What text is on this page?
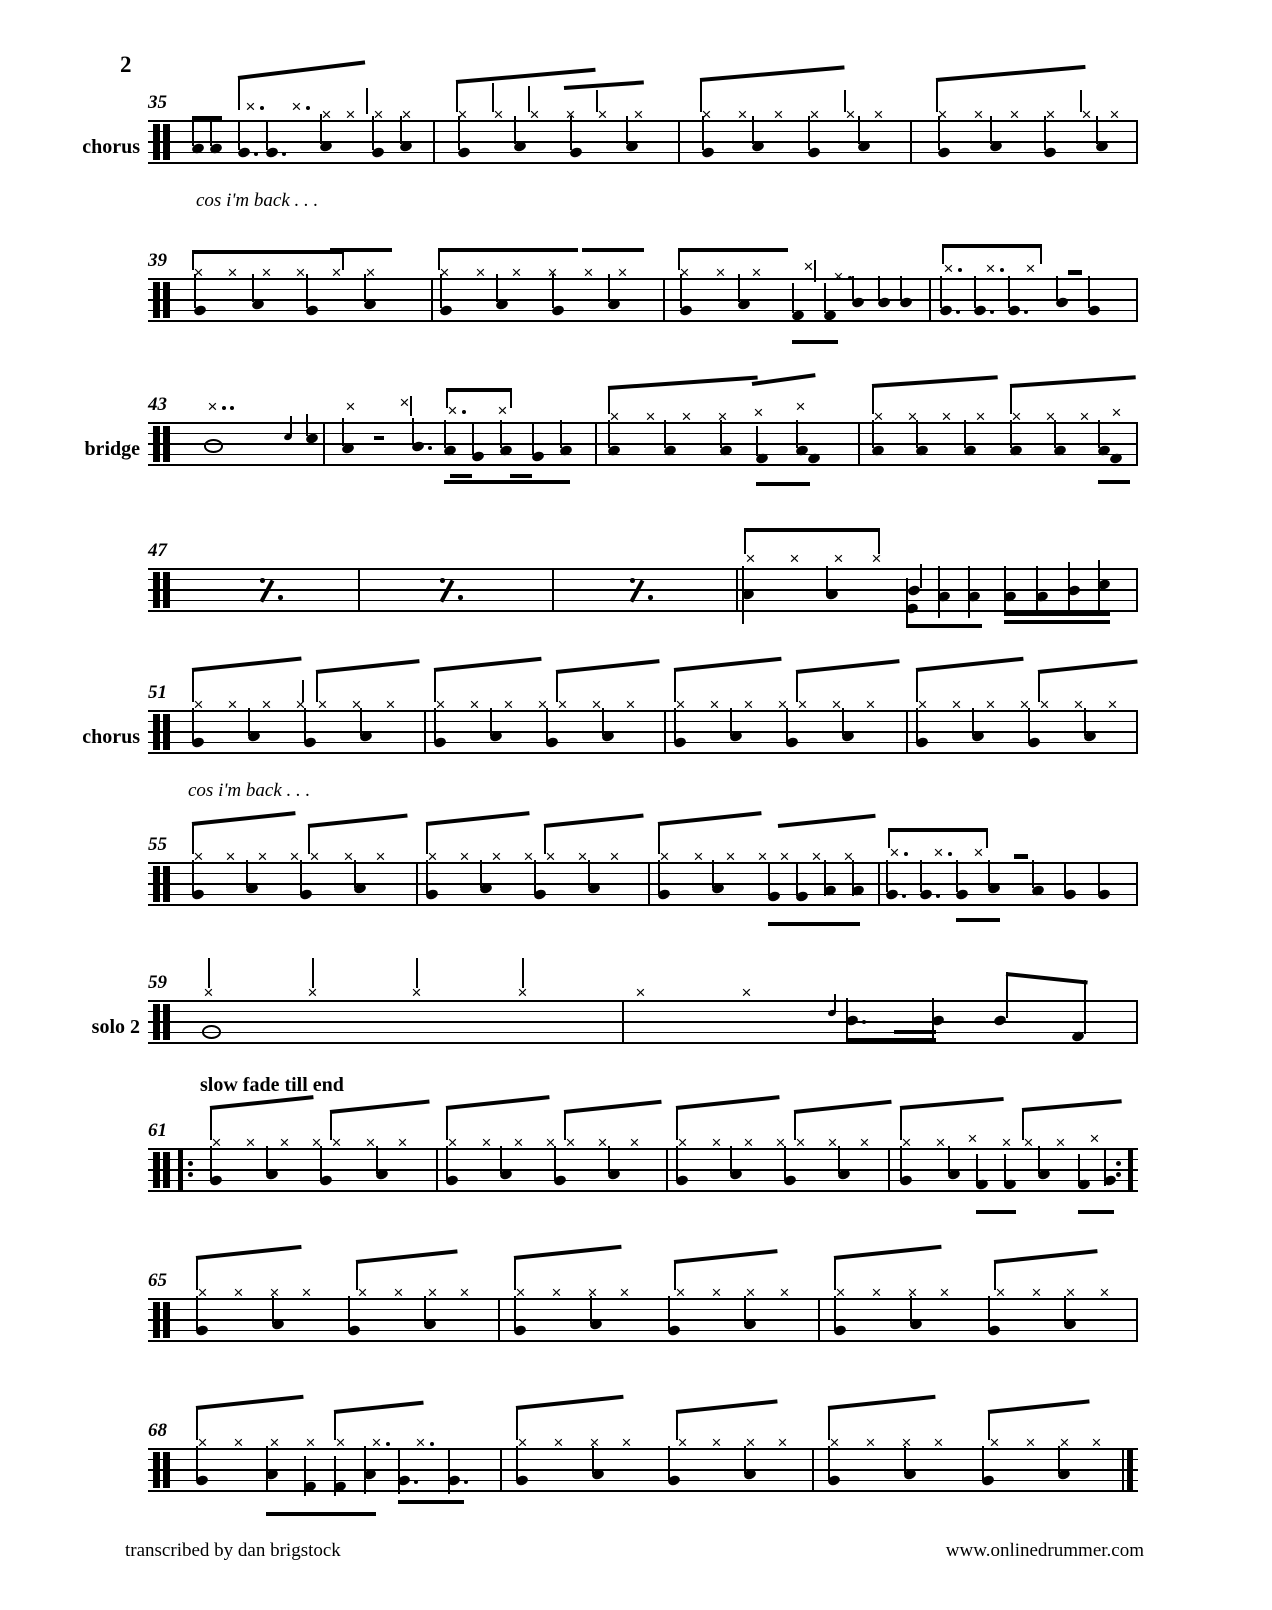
2
35
chorus
×
×
×
×
×
×
×
×
×
×
×
×
×
×
×
×
×
×
×
×
×
×
×
×
cos i'm back . . .
39
×
×
×
×
×
×
×
×
×
×
×
×
×
×
×
×
×
×
×
×
43
bridge
×
×
×
×
×
×
×
×
×
×
×
×
×
×
×
×
×
×
×
47
×
×
×
×
51
chorus
×
×
×
×
×
×
×
×
×
×
×
×
×
×
×
×
×
×
×
×
×
×
×
×
×
×
×
×
cos i'm back . . .
55
×
×
×
×
×
×
×
×
×
×
×
×
×
×
×
×
×
×
×
×
×
×
×
×
59
solo 2
×
×
×
×
×
×
61
slow fade till end
×
×
×
×
×
×
×
×
×
×
×
×
×
×
×
×
×
×
×
×
×
×
×
×
×
×
×
×
65
×
×
×
×
×
×
×
×
×
×
×
×
×
×
×
×
×
×
×
×
×
×
×
×
68
×
×
×
×
×
×
×
×
×
×
×
×
×
×
×
×
×
×
×
×
×
×
×
transcribed by dan brigstock	www.onlinedrummer.com
